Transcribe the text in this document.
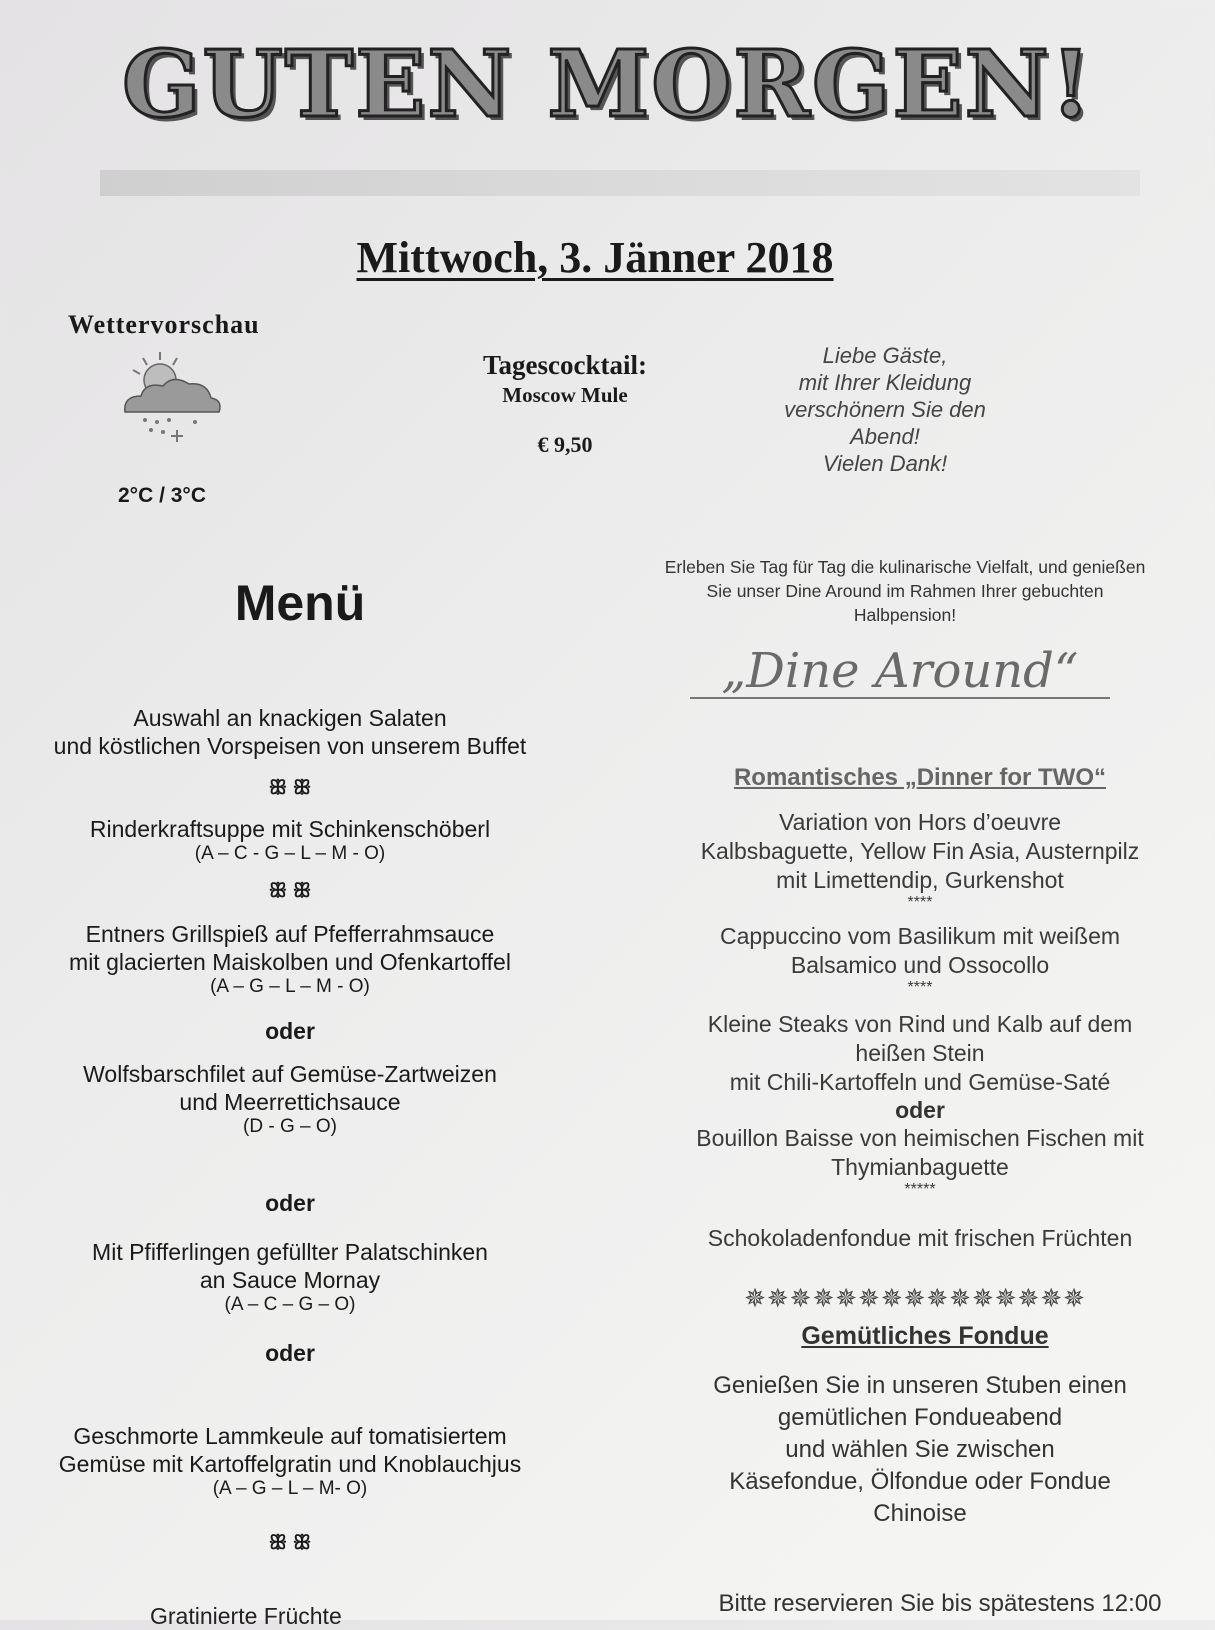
GUTEN MORGEN!
Mittwoch, 3. Jänner 2018
Wettervorschau
2°C / 3°C
Tagescocktail:
Moscow Mule
€ 9,50
Liebe Gäste,
mit Ihrer Kleidung
verschönern Sie den
Abend!
Vielen Dank!
Menü
Auswahl an knackigen Salaten
und köstlichen Vorspeisen von unserem Buffet
ꕥ ꕥ
Rinderkraftsuppe mit Schinkenschöberl
(A – C - G – L – M - O)
ꕥ ꕥ
Entners Grillspieß auf Pfefferrahmsauce
mit glacierten Maiskolben und Ofenkartoffel
(A – G – L – M - O)
oder
Wolfsbarschfilet auf Gemüse-Zartweizen
und Meerrettichsauce
(D - G – O)
oder
Mit Pfifferlingen gefüllter Palatschinken
an Sauce Mornay
(A – C – G – O)
oder
Geschmorte Lammkeule auf tomatisiertem
Gemüse mit Kartoffelgratin und Knoblauchjus
(A – G – L – M- O)
ꕥ ꕥ
Gratinierte Früchte
Erleben Sie Tag für Tag die kulinarische Vielfalt, und genießen
Sie unser Dine Around im Rahmen Ihrer gebuchten
Halbpension!
„Dine Around“
Romantisches „Dinner for TWO“
Variation von Hors d’oeuvre
Kalbsbaguette, Yellow Fin Asia, Austernpilz
mit Limettendip, Gurkenshot
****
Cappuccino vom Basilikum mit weißem
Balsamico und Ossocollo
****
Kleine Steaks von Rind und Kalb auf dem
heißen Stein
mit Chili-Kartoffeln und Gemüse-Saté
oder
Bouillon Baisse von heimischen Fischen mit
Thymianbaguette
*****
Schokoladenfondue mit frischen Früchten
✵✵✵✵✵✵✵✵✵✵✵✵✵✵✵
Gemütliches Fondue
Genießen Sie in unseren Stuben einen
gemütlichen Fondueabend
und wählen Sie zwischen
Käsefondue, Ölfondue oder Fondue
Chinoise
Bitte reservieren Sie bis spätestens 12:00
